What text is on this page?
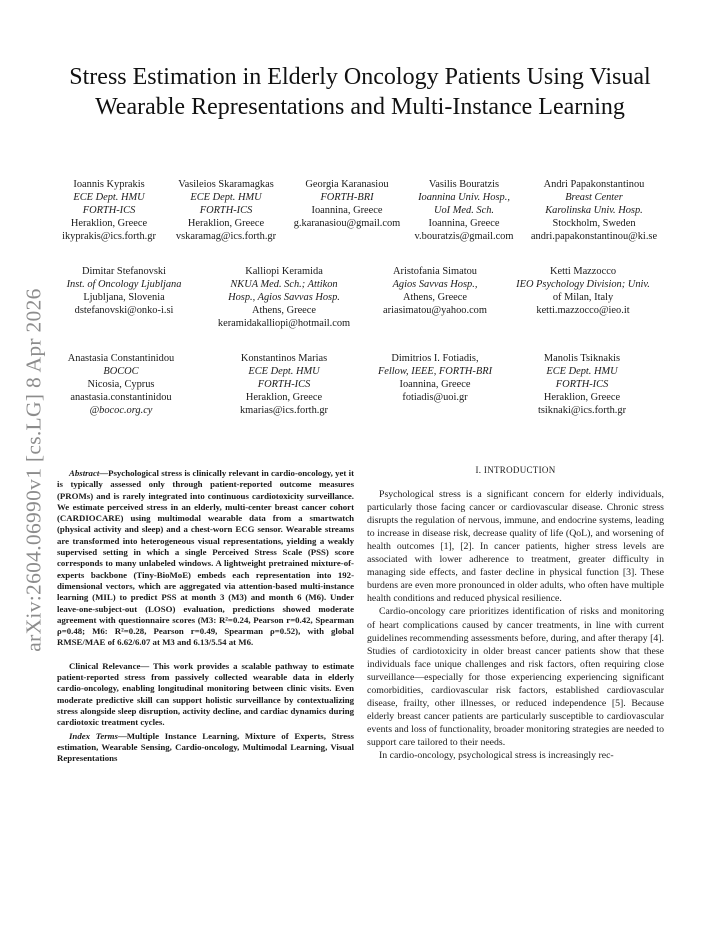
arXiv:2604.06990v1 [cs.LG] 8 Apr 2026
Stress Estimation in Elderly Oncology Patients Using Visual Wearable Representations and Multi-Instance Learning
Ioannis Kyprakis
ECE Dept. HMU
FORTH-ICS
Heraklion, Greece
ikyprakis@ics.forth.gr
Vasileios Skaramagkas
ECE Dept. HMU
FORTH-ICS
Heraklion, Greece
vskaramag@ics.forth.gr
Georgia Karanasiou
FORTH-BRI
Ioannina, Greece
g.karanasiou@gmail.com
Vasilis Bouratzis
Ioannina Univ. Hosp.,
UoI Med. Sch.
Ioannina, Greece
v.bouratzis@gmail.com
Andri Papakonstantinou
Breast Center
Karolinska Univ. Hosp.
Stockholm, Sweden
andri.papakonstantinou@ki.se
Dimitar Stefanovski
Inst. of Oncology Ljubljana
Ljubljana, Slovenia
dstefanovski@onko-i.si
Kalliopi Keramida
NKUA Med. Sch.; Attikon
Hosp., Agios Savvas Hosp.
Athens, Greece
keramidakalliopi@hotmail.com
Aristofania Simatou
Agios Savvas Hosp.,
Athens, Greece
ariasimatou@yahoo.com
Ketti Mazzocco
IEO Psychology Division; Univ.
of Milan, Italy
ketti.mazzocco@ieo.it
Anastasia Constantinidou
BOCOC
Nicosia, Cyprus
anastasia.constantinidou
@bococ.org.cy
Konstantinos Marias
ECE Dept. HMU
FORTH-ICS
Heraklion, Greece
kmarias@ics.forth.gr
Dimitrios I. Fotiadis,
Fellow, IEEE, FORTH-BRI
Ioannina, Greece
fotiadis@uoi.gr
Manolis Tsiknakis
ECE Dept. HMU
FORTH-ICS
Heraklion, Greece
tsiknaki@ics.forth.gr

Abstract—Psychological stress is clinically relevant in cardio-oncology, yet it is typically assessed only through patient-reported outcome measures (PROMs) and is rarely integrated into continuous cardiotoxicity surveillance. We estimate perceived stress in an elderly, multi-center breast cancer cohort (CARDIOCARE) using multimodal wearable data from a smartwatch (physical activity and sleep) and a chest-worn ECG sensor. Wearable streams are transformed into heterogeneous visual representations, yielding a weakly supervised setting in which a single Perceived Stress Scale (PSS) score corresponds to many unlabeled windows. A lightweight pretrained mixture-of-experts backbone (Tiny-BioMoE) embeds each representation into 192-dimensional vectors, which are aggregated via attention-based multi-instance learning (MIL) to predict PSS at month 3 (M3) and month 6 (M6). Under leave-one-subject-out (LOSO) evaluation, predictions showed moderate agreement with questionnaire scores (M3: R²=0.24, Pearson r=0.42, Spearman ρ=0.48; M6: R²=0.28, Pearson r=0.49, Spearman ρ=0.52), with global RMSE/MAE of 6.62/6.07 at M3 and 6.13/5.54 at M6.

Clinical Relevance— This work provides a scalable pathway to estimate patient-reported stress from passively collected wearable data in elderly cardio-oncology, enabling longitudinal monitoring between clinic visits. Even moderate predictive skill can support holistic surveillance by contextualizing stress alongside sleep disruption, activity decline, and cardiac dynamics during cardiotoxic treatment cycles.

Index Terms—Multiple Instance Learning, Mixture of Experts, Stress estimation, Wearable Sensing, Cardio-oncology, Multimodal Learning, Visual Representations

I. INTRODUCTION

Psychological stress is a significant concern for elderly individuals, particularly those facing cancer or cardiovascular disease. Chronic stress disrupts the regulation of nervous, immune, and endocrine systems, leading to increase in disease risk, decrease quality of life (QoL), and worsening of health outcomes [1], [2]. In cancer patients, higher stress levels are associated with lower adherence to treatment, greater difficulty in managing side effects, and faster decline in physical function [3]. These burdens are even more pronounced in older adults, who often have multiple health conditions and reduced physical resilience.

Cardio-oncology care prioritizes identification of risks and monitoring of heart complications caused by cancer treatments, in line with current guidelines recommending assessments before, during, and after therapy [4]. Studies of cardiotoxicity in older breast cancer patients show that these individuals face unique challenges and risk factors, often requiring close surveillance—especially for those experiencing experiencing significant comorbidities, cardiovascular risk factors, established cardiovascular disease, frailty, other illnesses, or reduced independence [5]. Because elderly breast cancer patients are particularly susceptible to cardiovascular events and loss of functionality, broader monitoring strategies are needed to support care tailored to their needs.

In cardio-oncology, psychological stress is increasingly rec-
